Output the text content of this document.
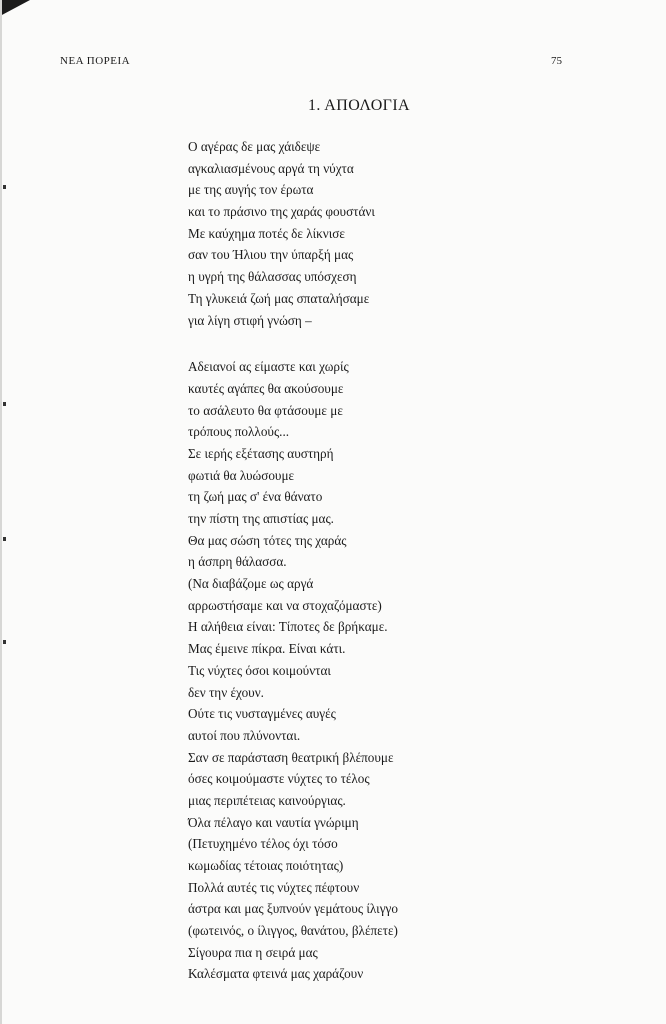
ΝΕΑ ΠΟΡΕΙΑ	75
1. ΑΠΟΛΟΓΙΑ
Ο αγέρας δε μας χάιδεψε
αγκαλιασμένους αργά τη νύχτα
με της αυγής τον έρωτα
και το πράσινο της χαράς φουστάνι
Με καύχημα ποτές δε λίκνισε
σαν του Ήλιου την ύπαρξή μας
η υγρή της θάλασσας υπόσχεση
Τη γλυκειά ζωή μας σπαταλήσαμε
για λίγη στιφή γνώση –
Αδειανοί ας είμαστε και χωρίς
καυτές αγάπες θα ακούσουμε
το ασάλευτο θα φτάσουμε με
τρόπους πολλούς...
Σε ιερής εξέτασης αυστηρή
φωτιά θα λυώσουμε
τη ζωή μας σ' ένα θάνατο
την πίστη της απιστίας μας.
Θα μας σώση τότες της χαράς
η άσπρη θάλασσα.
(Να διαβάζομε ως αργά
αρρωστήσαμε και να στοχαζόμαστε)
Η αλήθεια είναι: Τίποτες δε βρήκαμε.
Μας έμεινε πίκρα. Είναι κάτι.
Τις νύχτες όσοι κοιμούνται
δεν την έχουν.
Ούτε τις νυσταγμένες αυγές
αυτοί που πλύνονται.
Σαν σε παράσταση θεατρική βλέπουμε
όσες κοιμούμαστε νύχτες το τέλος
μιας περιπέτειας καινούργιας.
Όλα πέλαγο και ναυτία γνώριμη
(Πετυχημένο τέλος όχι τόσο
κωμωδίας τέτοιας ποιότητας)
Πολλά αυτές τις νύχτες πέφτουν
άστρα και μας ξυπνούν γεμάτους ίλιγγο
(φωτεινός, ο ίλιγγος, θανάτου, βλέπετε)
Σίγουρα πια η σειρά μας
Καλέσματα φτεινά μας χαράζουν
